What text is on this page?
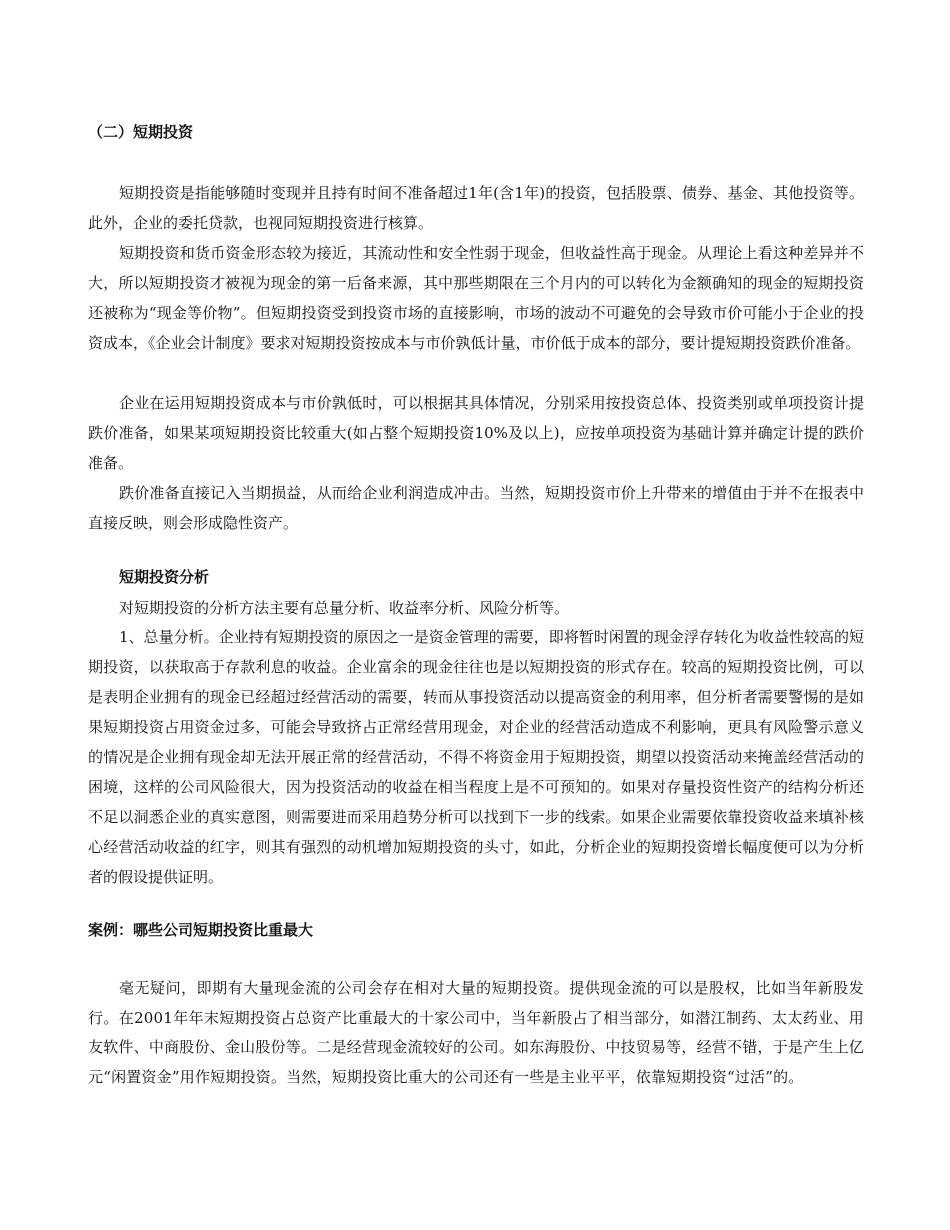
（二）短期投资

短期投资是指能够随时变现并且持有时间不准备超过1年(含1年)的投资，包括股票、债券、基金、其他投资等。此外，企业的委托贷款，也视同短期投资进行核算。

短期投资和货币资金形态较为接近，其流动性和安全性弱于现金，但收益性高于现金。从理论上看这种差异并不大，所以短期投资才被视为现金的第一后备来源，其中那些期限在三个月内的可以转化为金额确知的现金的短期投资还被称为“现金等价物”。但短期投资受到投资市场的直接影响，市场的波动不可避免的会导致市价可能小于企业的投资成本，《企业会计制度》要求对短期投资按成本与市价孰低计量，市价低于成本的部分，要计提短期投资跌价准备。

企业在运用短期投资成本与市价孰低时，可以根据其具体情况，分别采用按投资总体、投资类别或单项投资计提跌价准备，如果某项短期投资比较重大(如占整个短期投资10%及以上)，应按单项投资为基础计算并确定计提的跌价准备。

跌价准备直接记入当期损益，从而给企业利润造成冲击。当然，短期投资市价上升带来的增值由于并不在报表中直接反映，则会形成隐性资产。

短期投资分析

对短期投资的分析方法主要有总量分析、收益率分析、风险分析等。

1、总量分析。企业持有短期投资的原因之一是资金管理的需要，即将暂时闲置的现金浮存转化为收益性较高的短期投资，以获取高于存款利息的收益。企业富余的现金往往也是以短期投资的形式存在。较高的短期投资比例，可以是表明企业拥有的现金已经超过经营活动的需要，转而从事投资活动以提高资金的利用率，但分析者需要警惕的是如果短期投资占用资金过多，可能会导致挤占正常经营用现金，对企业的经营活动造成不利影响，更具有风险警示意义的情况是企业拥有现金却无法开展正常的经营活动，不得不将资金用于短期投资，期望以投资活动来掩盖经营活动的困境，这样的公司风险很大，因为投资活动的收益在相当程度上是不可预知的。如果对存量投资性资产的结构分析还不足以洞悉企业的真实意图，则需要进而采用趋势分析可以找到下一步的线索。如果企业需要依靠投资收益来填补核心经营活动收益的红字，则其有强烈的动机增加短期投资的头寸，如此，分析企业的短期投资增长幅度便可以为分析者的假设提供证明。

案例：哪些公司短期投资比重最大

毫无疑问，即期有大量现金流的公司会存在相对大量的短期投资。提供现金流的可以是股权，比如当年新股发行。在2001年年末短期投资占总资产比重最大的十家公司中，当年新股占了相当部分，如潜江制药、太太药业、用友软件、中商股份、金山股份等。二是经营现金流较好的公司。如东海股份、中技贸易等，经营不错，于是产生上亿元“闲置资金”用作短期投资。当然，短期投资比重大的公司还有一些是主业平平，依靠短期投资“过活”的。
